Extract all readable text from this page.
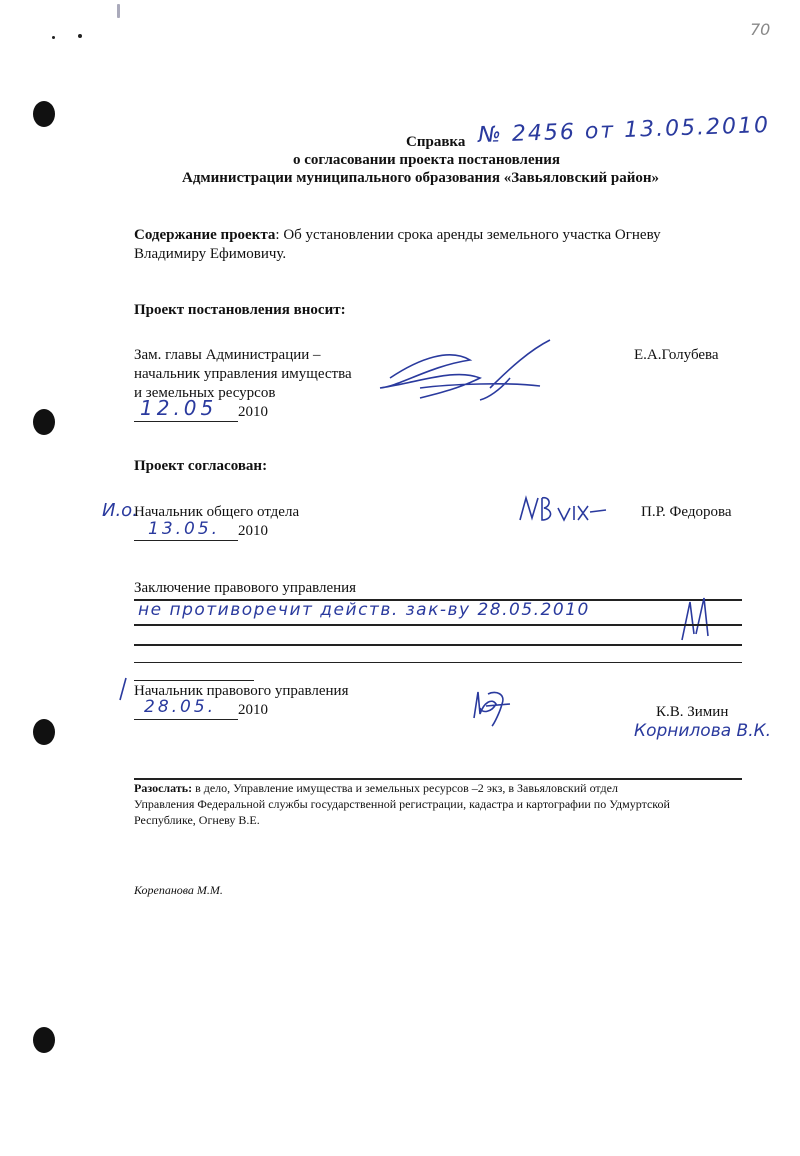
70
Справка № 2456 от 13.05.2010
о согласовании проекта постановления
Администрации муниципального образования «Завьяловский район»
Содержание проекта: Об установлении срока аренды земельного участка Огневу
Владимиру Ефимовичу.
Проект постановления вносит:
Зам. главы Администрации –
начальник управления имущества
и земельных ресурсов
12.05 2010
Е.А.Голубева
Проект согласован:
И.о.
Начальник общего отдела
13.05. 2010
П.Р. Федорова
Заключение правового управления
не противоречит действ. зак-ву 28.05.2010
Начальник правового управления
28.05. 2010	К.В. Зимин
Корнилова В.К.
Разослать: в дело, Управление имущества и земельных ресурсов –2 экз, в Завьяловский отдел
Управления Федеральной службы государственной регистрации, кадастра и картографии по Удмуртской
Республике, Огневу В.Е.
Корепанова М.М.
